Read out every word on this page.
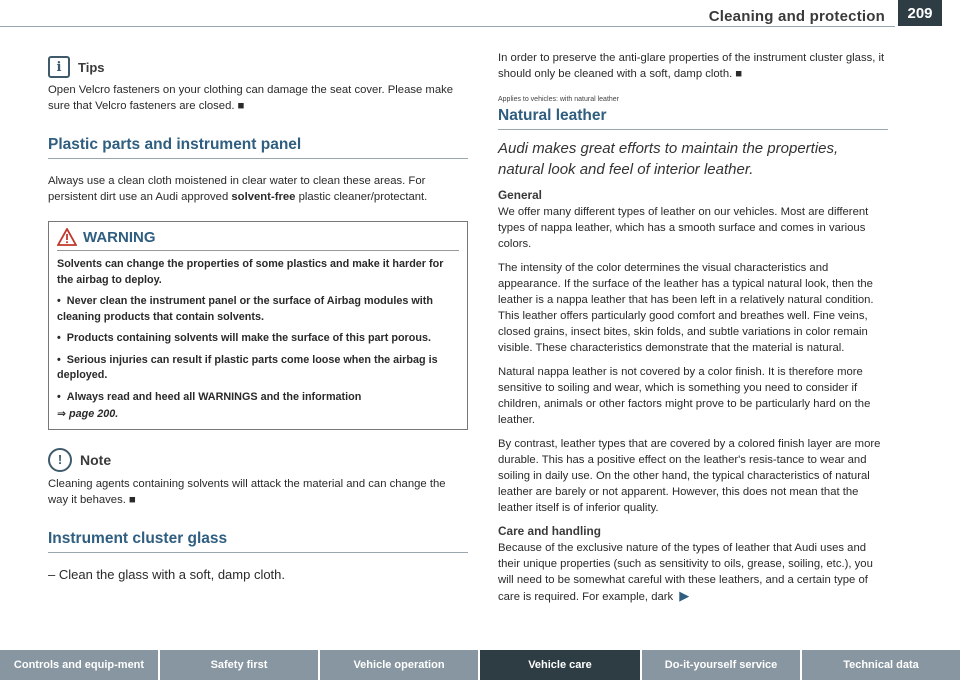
Cleaning and protection	209
i	Tips

Open Velcro fasteners on your clothing can damage the seat cover. Please make sure that Velcro fasteners are closed. ■

Plastic parts and instrument panel

Always use a clean cloth moistened in clear water to clean these areas. For persistent dirt use an Audi approved solvent-free plastic cleaner/protectant.

WARNING

Solvents can change the properties of some plastics and make it harder for the airbag to deploy.

•  Never clean the instrument panel or the surface of Airbag modules with cleaning products that contain solvents.

•  Products containing solvents will make the surface of this part porous.

•  Serious injuries can result if plastic parts come loose when the airbag is deployed.

•  Always read and heed all WARNINGS and the information

⇒ page 200.

!	Note

Cleaning agents containing solvents will attack the material and can change the way it behaves. ■

Instrument cluster glass
– Clean the glass with a soft, damp cloth.

In order to preserve the anti-glare properties of the instrument cluster glass, it should only be cleaned with a soft, damp cloth. ■

Applies to vehicles: with natural leather
Natural leather
Audi makes great efforts to maintain the properties, natural look and feel of interior leather.
General

We offer many different types of leather on our vehicles. Most are different types of nappa leather, which has a smooth surface and comes in various colors.

The intensity of the color determines the visual characteristics and appearance. If the surface of the leather has a typical natural look, then the leather is a nappa leather that has been left in a relatively natural condition. This leather offers particularly good comfort and breathes well. Fine veins, closed grains, insect bites, skin folds, and subtle variations in color remain visible. These characteristics demonstrate that the material is natural.

Natural nappa leather is not covered by a color finish. It is therefore more sensitive to soiling and wear, which is something you need to consider if children, animals or other factors might prove to be particularly hard on the leather.

By contrast, leather types that are covered by a colored finish layer are more durable. This has a positive effect on the leather's resis-tance to wear and soiling in daily use. On the other hand, the typical characteristics of natural leather are barely or not apparent. However, this does not mean that the leather itself is of inferior quality.

Care and handling

Because of the exclusive nature of the types of leather that Audi uses and their unique properties (such as sensitivity to oils, grease, soiling, etc.), you will need to be somewhat careful with these leathers, and a certain type of care is required. For example, dark ▶

Controls and equip-ment	Safety first	Vehicle operation	Vehicle care	Do-it-yourself service	Technical data
